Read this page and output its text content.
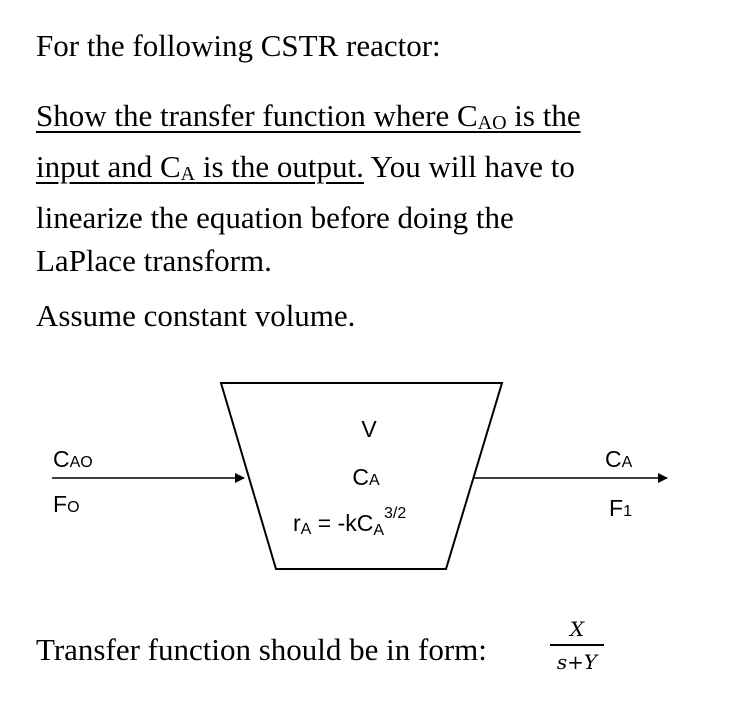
For the following CSTR reactor:
Show the transfer function where CAO is the
input and CA is the output. You will have to
linearize the equation before doing the
LaPlace transform.
Assume constant volume.
CAO
FO
V
CA
rA = -kCA$^{3/2}$
CA
F1
Transfer function should be in form:
X
s+Y
